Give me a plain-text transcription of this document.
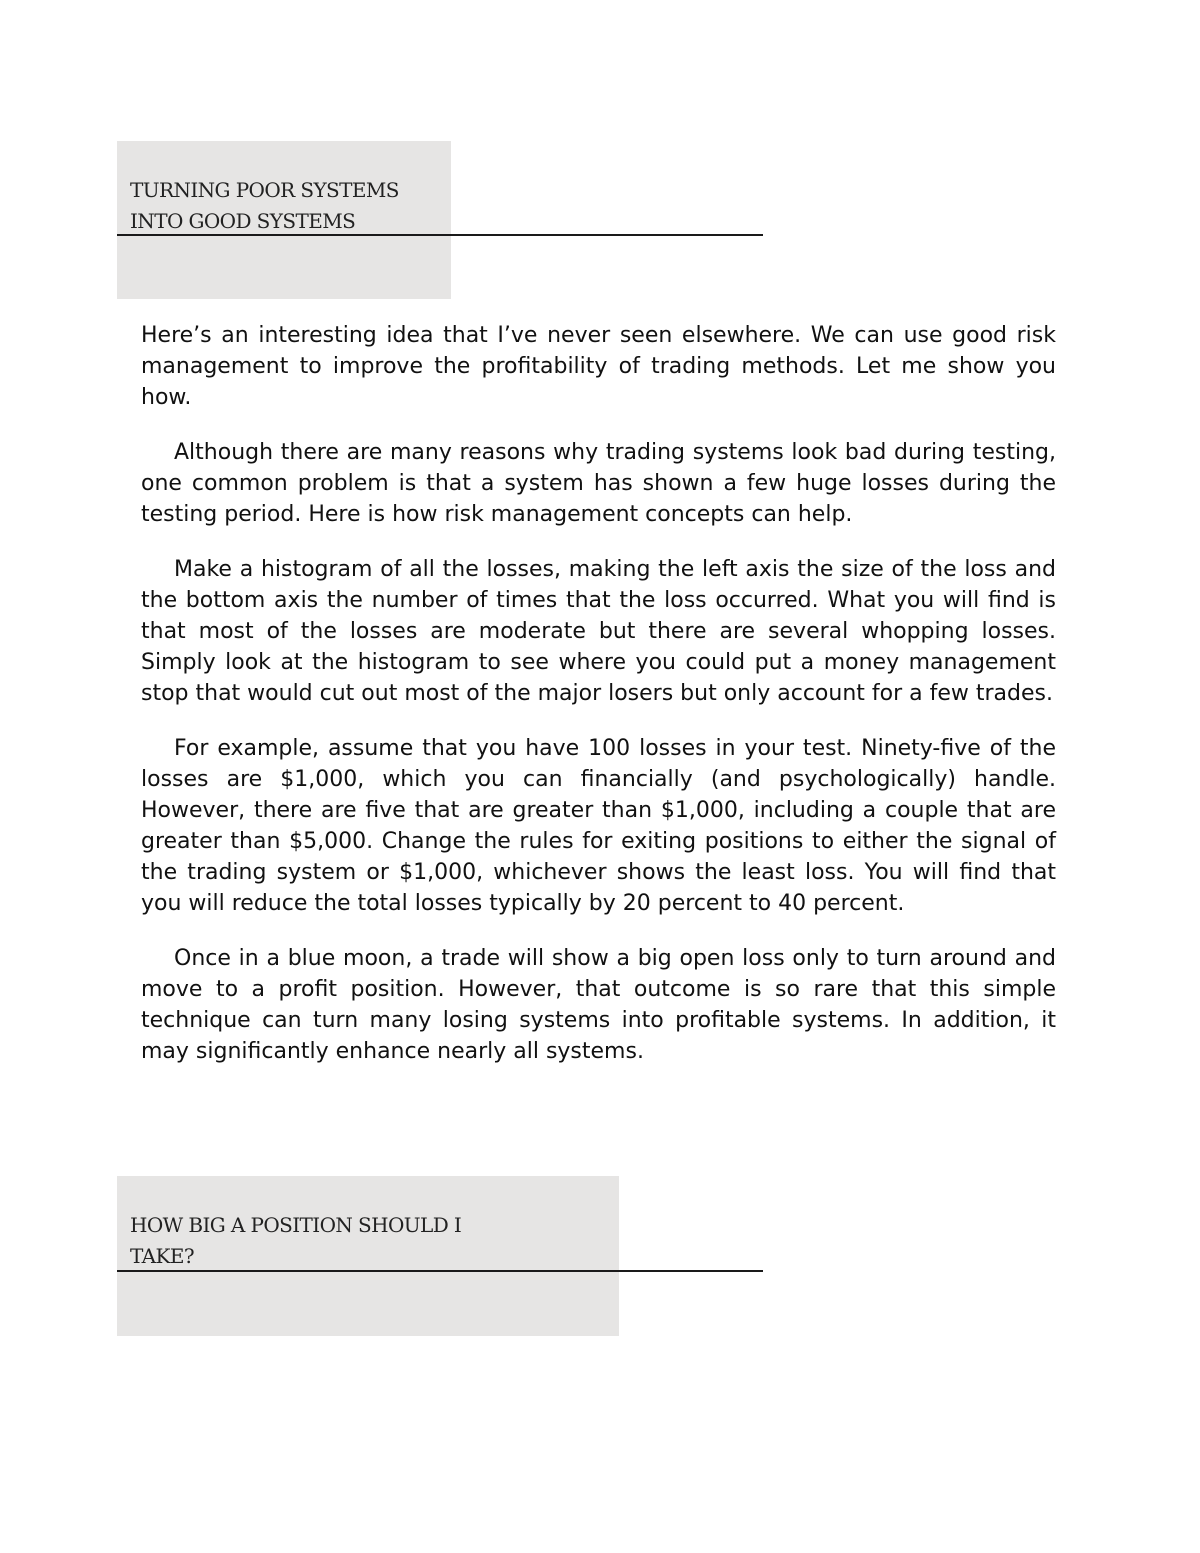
TURNING POOR SYSTEMS
INTO GOOD SYSTEMS

Here’s an interesting idea that I’ve never seen elsewhere. We can use good risk management to improve the profitability of trading methods. Let me show you how.

Although there are many reasons why trading systems look bad during testing, one common problem is that a system has shown a few huge losses during the testing period. Here is how risk management concepts can help.

Make a histogram of all the losses, making the left axis the size of the loss and the bottom axis the number of times that the loss occurred. What you will find is that most of the losses are moderate but there are several whopping losses. Simply look at the histogram to see where you could put a money management stop that would cut out most of the major losers but only account for a few trades.

For example, assume that you have 100 losses in your test. Ninety-five of the losses are $1,000, which you can financially (and psychologically) handle. However, there are five that are greater than $1,000, including a couple that are greater than $5,000. Change the rules for exiting positions to either the signal of the trading system or $1,000, whichever shows the least loss. You will find that you will reduce the total losses typically by 20 percent to 40 percent.

Once in a blue moon, a trade will show a big open loss only to turn around and move to a profit position. However, that outcome is so rare that this simple technique can turn many losing systems into profitable systems. In addition, it may significantly enhance nearly all systems.

HOW BIG A POSITION SHOULD I
TAKE?
